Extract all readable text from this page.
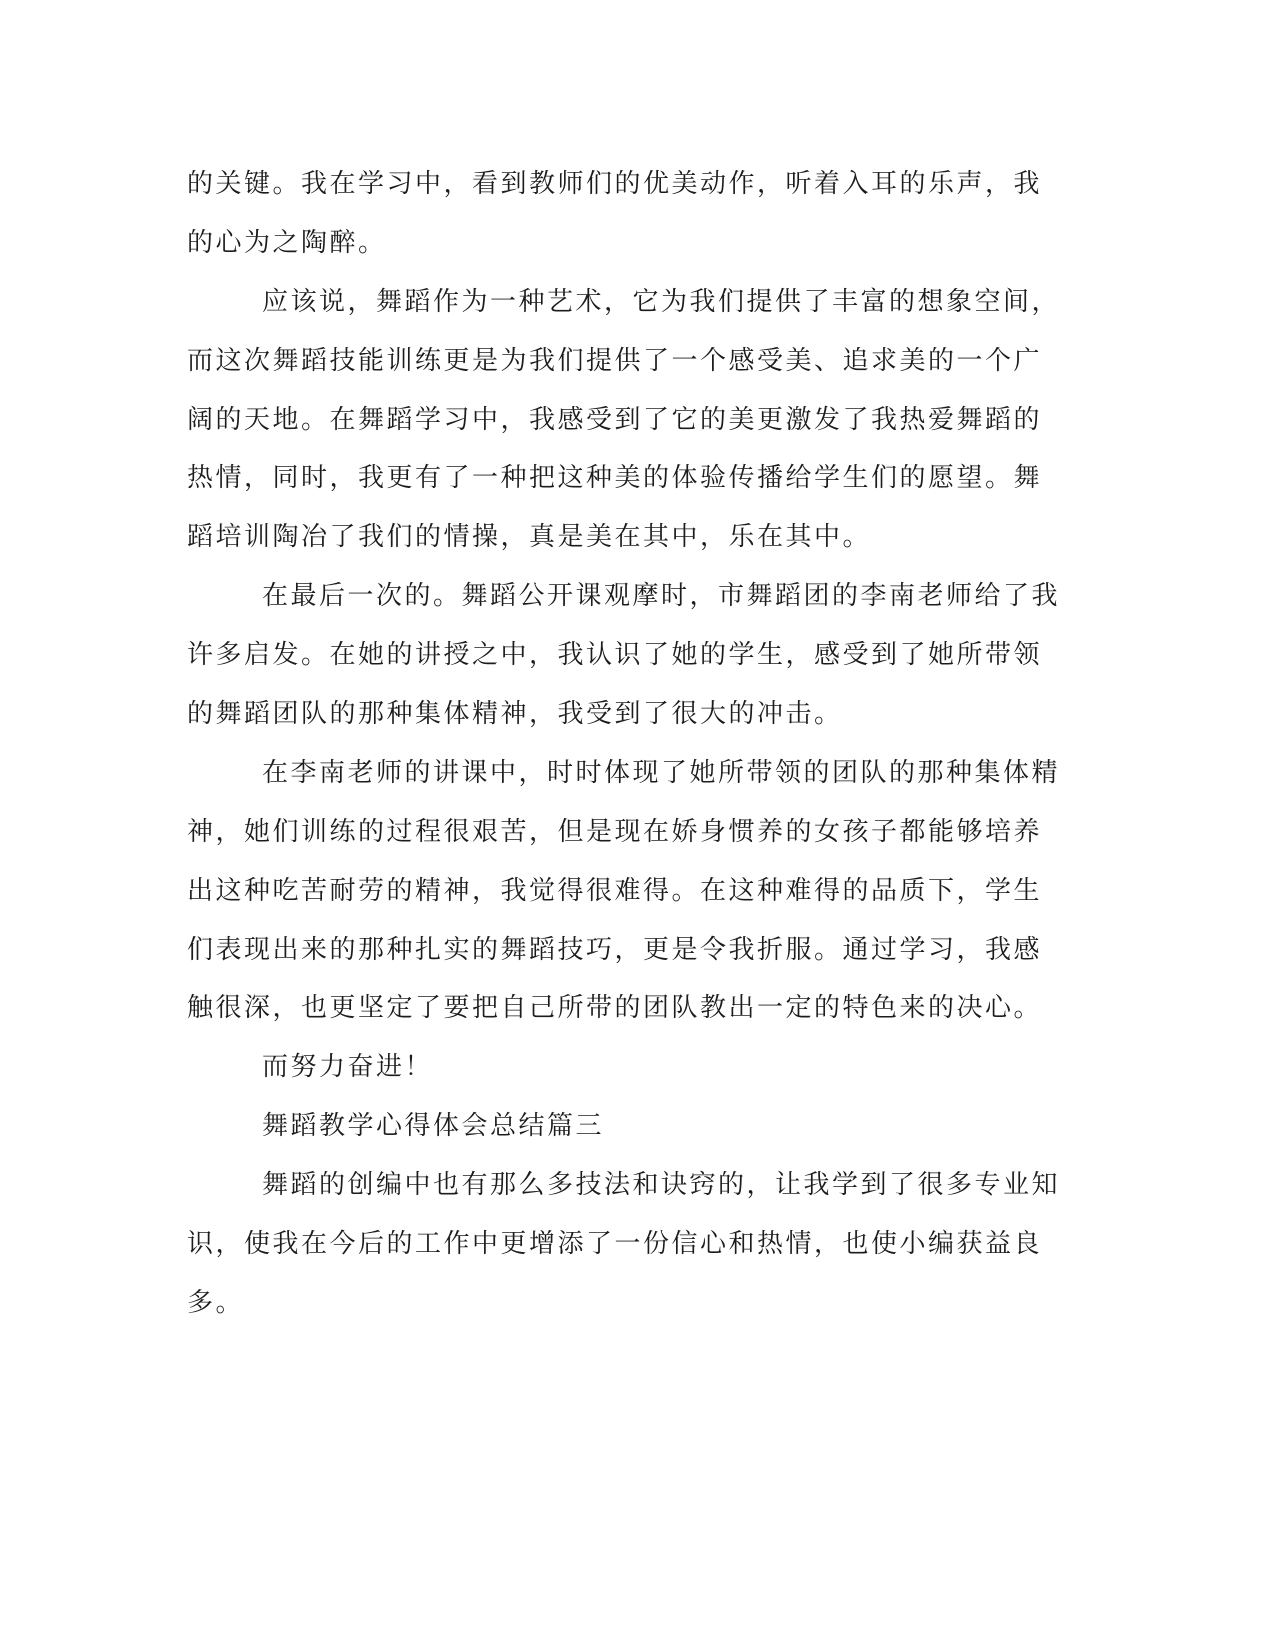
的关键。我在学习中，看到教师们的优美动作，听着入耳的乐声，我
的心为之陶醉。
应该说，舞蹈作为一种艺术，它为我们提供了丰富的想象空间，
而这次舞蹈技能训练更是为我们提供了一个感受美、追求美的一个广
阔的天地。在舞蹈学习中，我感受到了它的美更激发了我热爱舞蹈的
热情，同时，我更有了一种把这种美的体验传播给学生们的愿望。舞
蹈培训陶冶了我们的情操，真是美在其中，乐在其中。
在最后一次的。舞蹈公开课观摩时，市舞蹈团的李南老师给了我
许多启发。在她的讲授之中，我认识了她的学生，感受到了她所带领
的舞蹈团队的那种集体精神，我受到了很大的冲击。
在李南老师的讲课中，时时体现了她所带领的团队的那种集体精
神，她们训练的过程很艰苦，但是现在娇身惯养的女孩子都能够培养
出这种吃苦耐劳的精神，我觉得很难得。在这种难得的品质下，学生
们表现出来的那种扎实的舞蹈技巧，更是令我折服。通过学习，我感
触很深，也更坚定了要把自己所带的团队教出一定的特色来的决心。
而努力奋进！
舞蹈教学心得体会总结篇三
舞蹈的创编中也有那么多技法和诀窍的，让我学到了很多专业知
识，使我在今后的工作中更增添了一份信心和热情，也使小编获益良
多。
